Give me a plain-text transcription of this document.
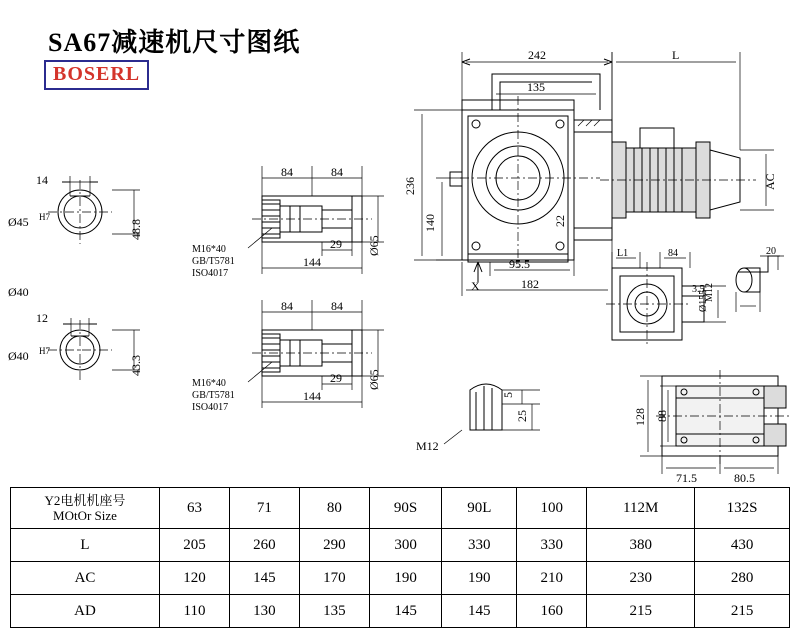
SA67减速机尺寸图纸
BOSERL
242	L
135
236
140	22
AC
95.5
182
X
L1	84
3.5
20
M12
Ø155
14
Ø45 H7
48.8
Ø40
12
Ø40 H7
43.3
84	84
29
144
Ø65
84	84
29
144
Ø65
M16*40
GB/T5781
ISO4017
M16*40
GB/T5781
ISO4017
5
25
M12
128 88
71.5	80.5
Y2电机机座号
MOtOr Size	63	71	80	90S	90L	100	112M	132S
L	205	260	290	300	330	330	380	430
AC	120	145	170	190	190	210	230	280
AD	110	130	135	145	145	160	215	215
